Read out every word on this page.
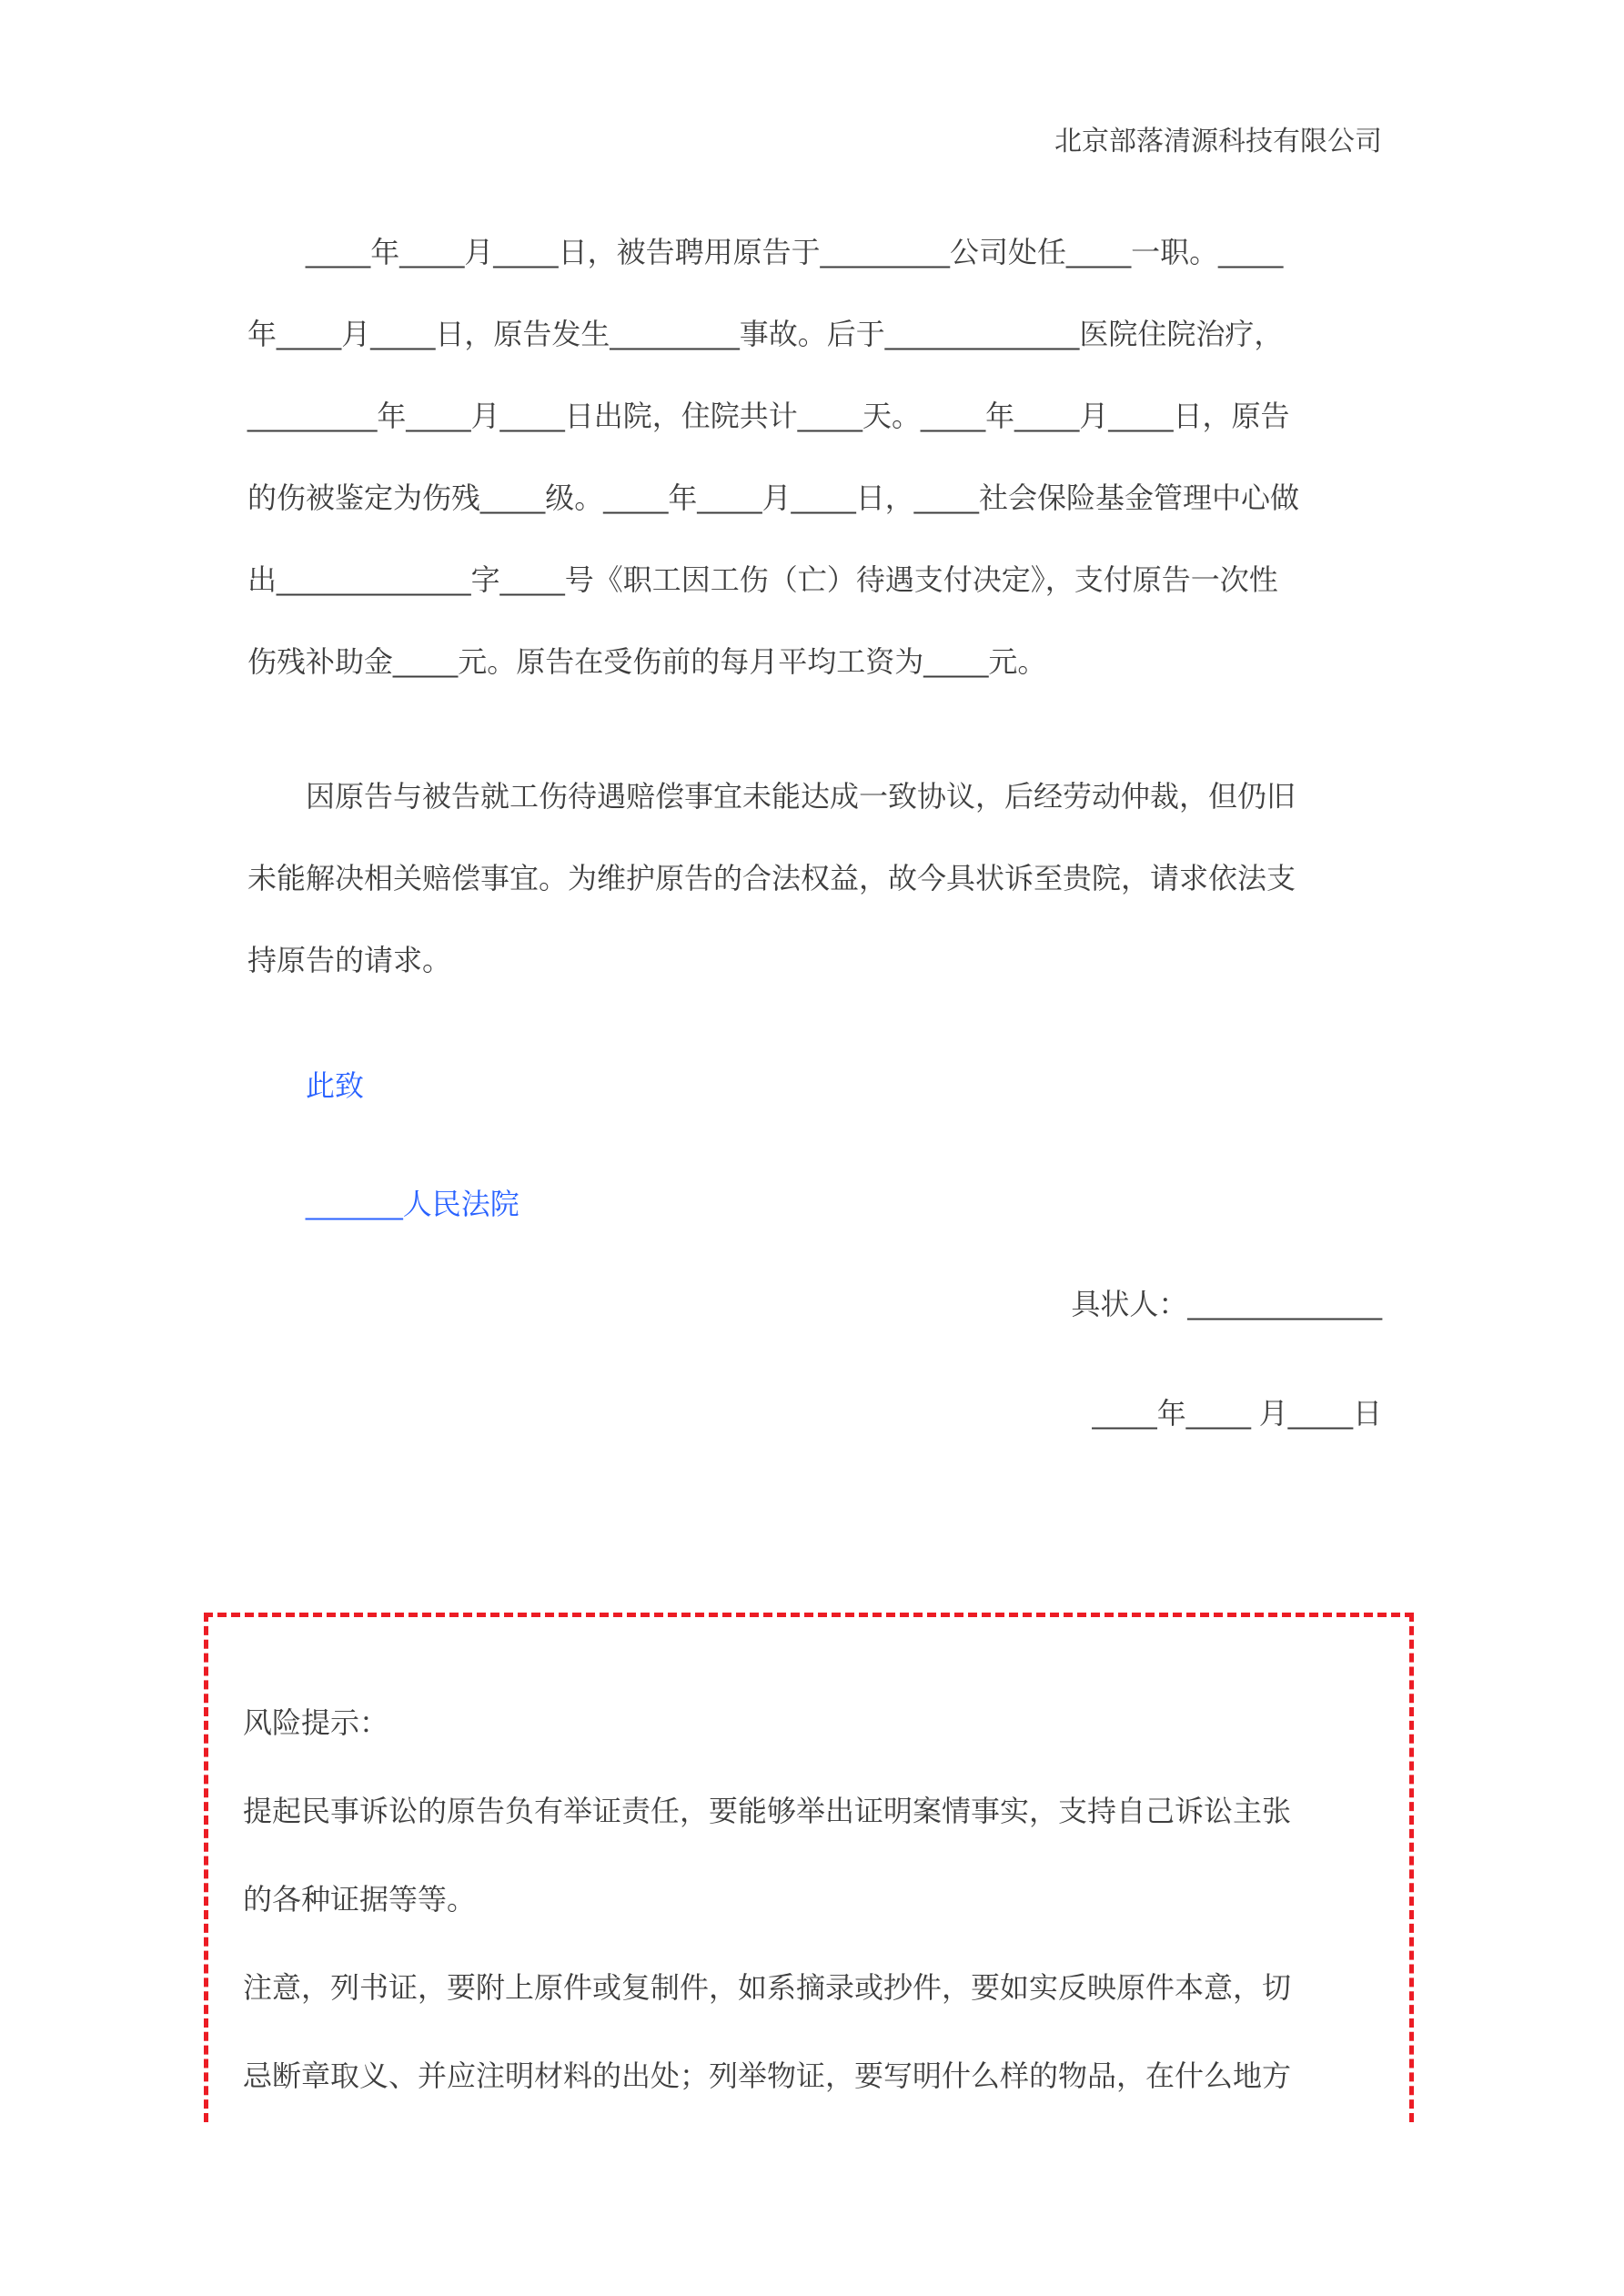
北京部落清源科技有限公司
____年____月____日，被告聘用原告于________公司处任____一职。____
年____月____日，原告发生________事故。后于____________医院住院治疗，
________年____月____日出院，住院共计____天。____年____月____日，原告
的伤被鉴定为伤残____级。____年____月____日，____社会保险基金管理中心做
出____________字____号《职工因工伤（亡）待遇支付决定》，支付原告一次性
伤残补助金____元。原告在受伤前的每月平均工资为____元。
因原告与被告就工伤待遇赔偿事宜未能达成一致协议，后经劳动仲裁，但仍旧
未能解决相关赔偿事宜。为维护原告的合法权益，故今具状诉至贵院，请求依法支
持原告的请求。
此致
______人民法院
具状人：____________
____年____ 月____日
风险提示：
提起民事诉讼的原告负有举证责任，要能够举出证明案情事实，支持自己诉讼主张
的各种证据等等。
注意，列书证，要附上原件或复制件，如系摘录或抄件，要如实反映原件本意，切
忌断章取义、并应注明材料的出处；列举物证，要写明什么样的物品，在什么地方
